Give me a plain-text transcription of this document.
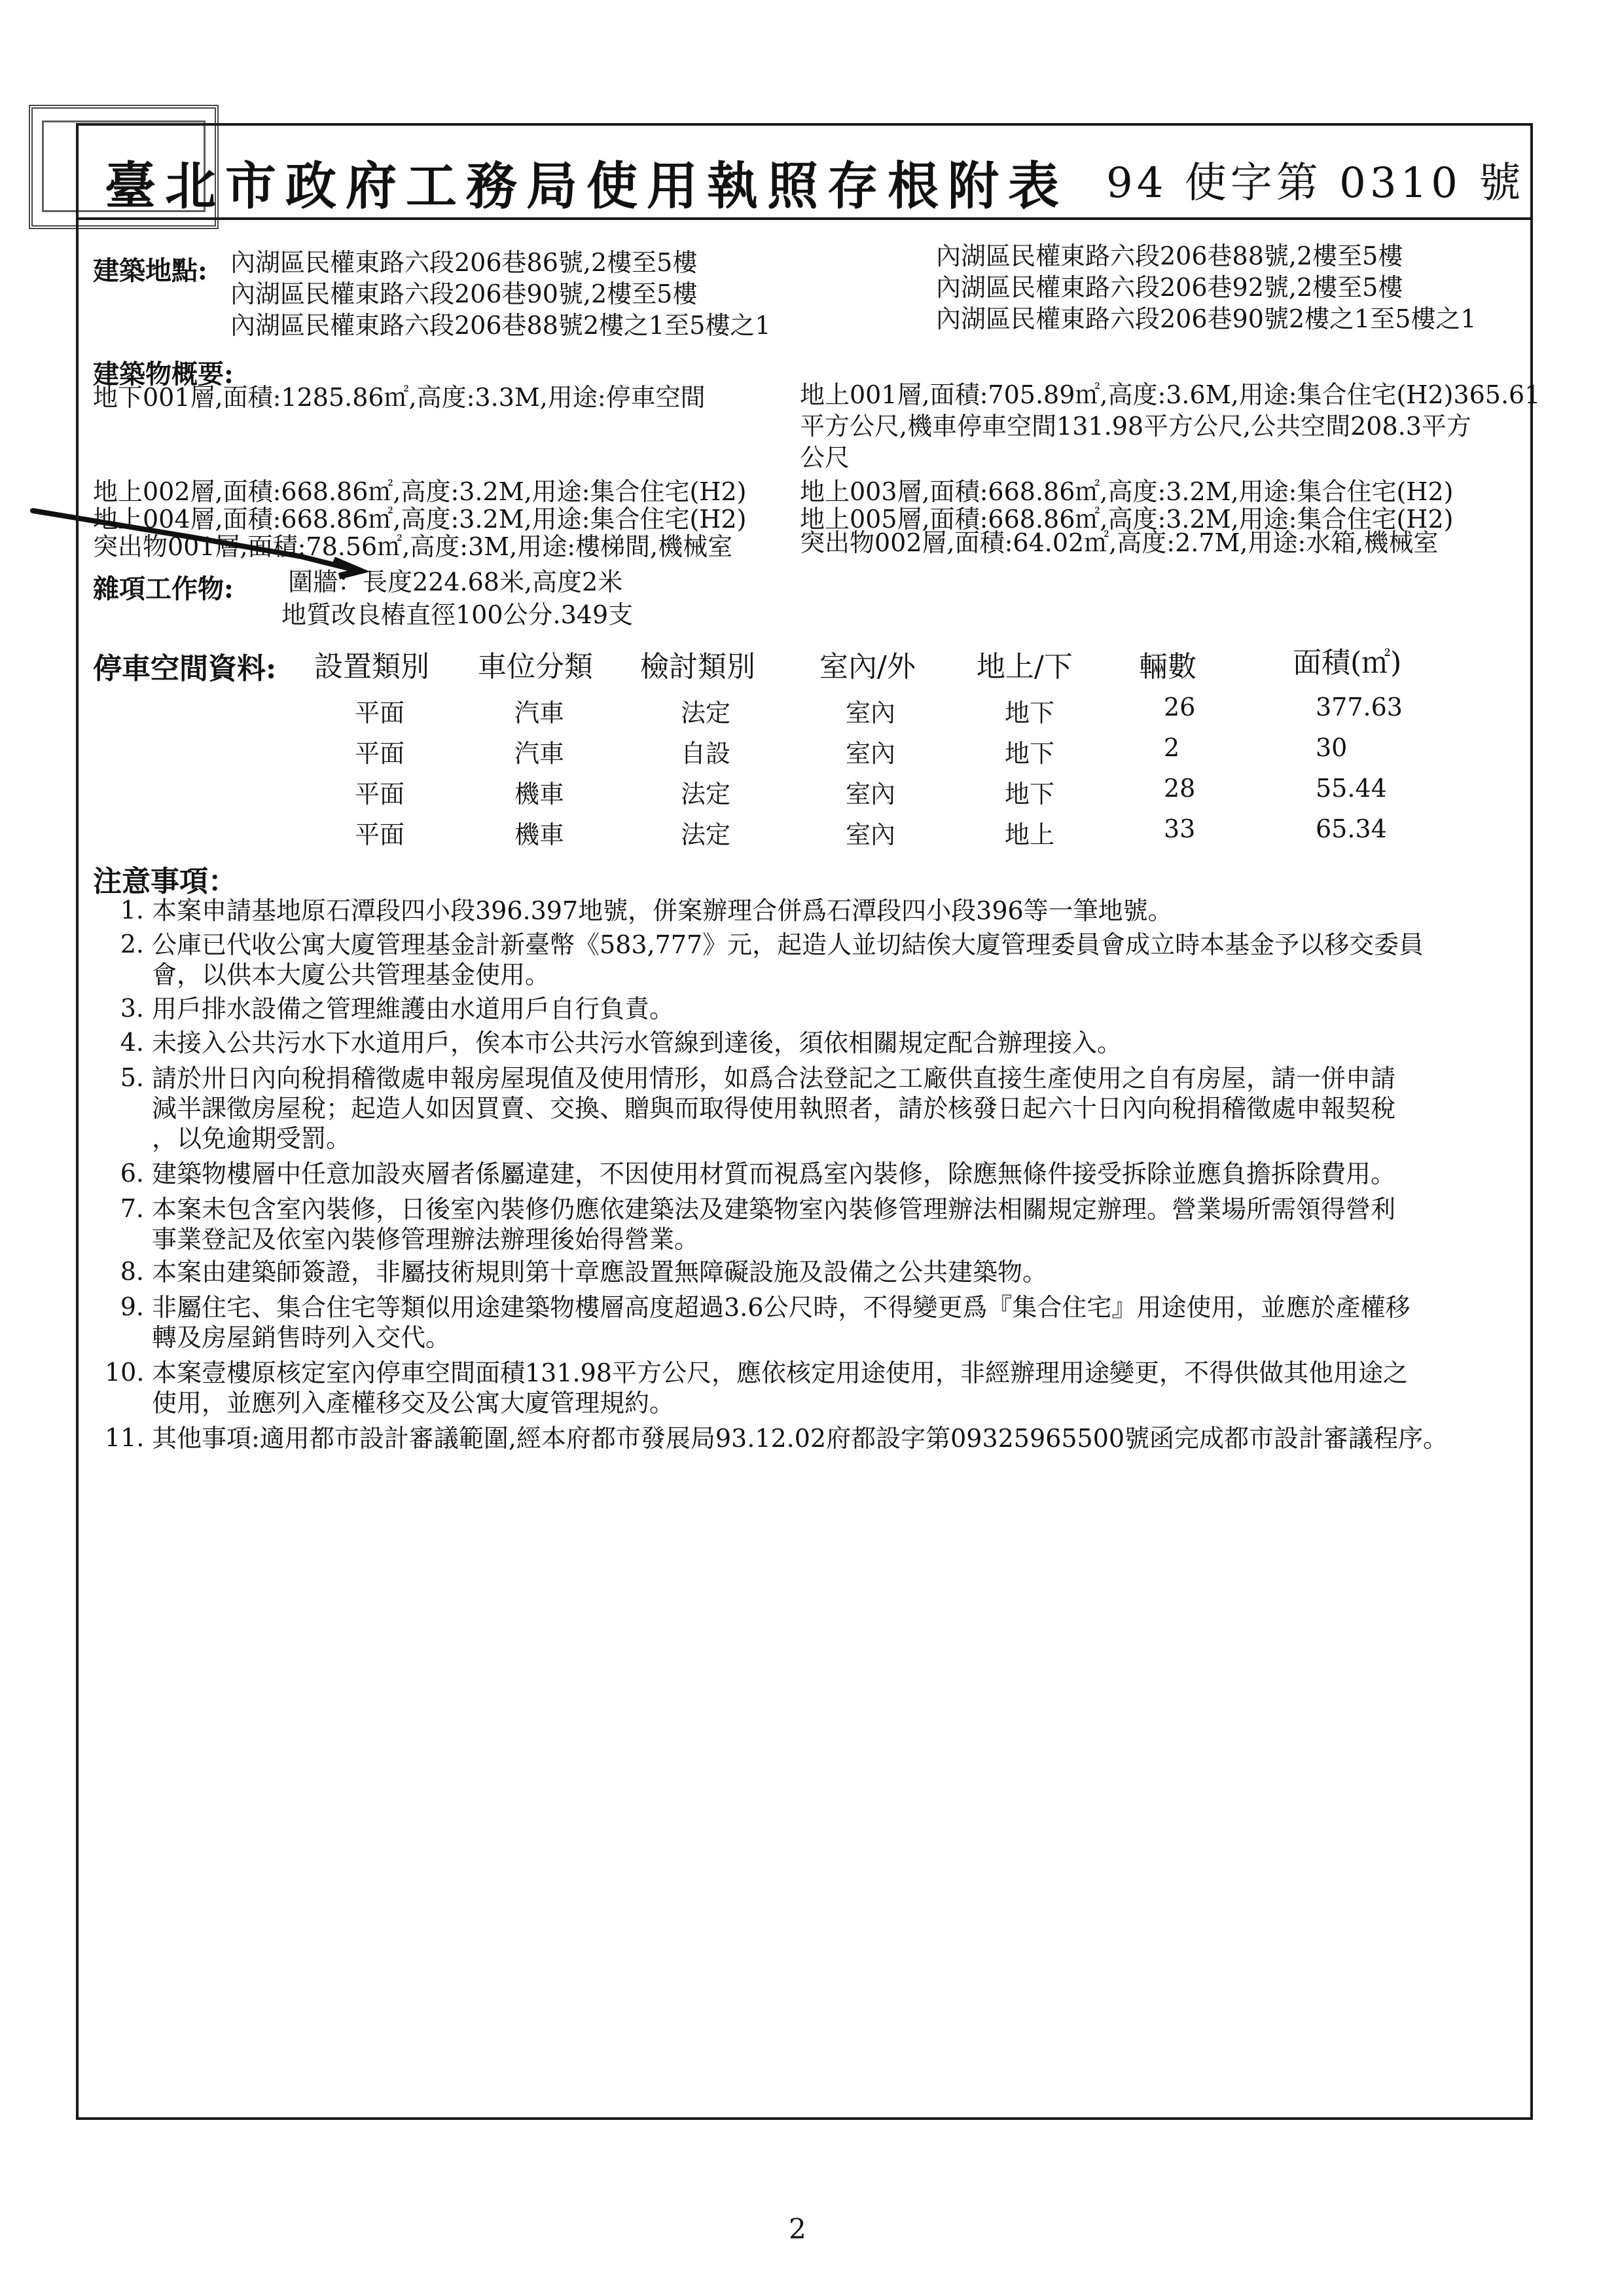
臺北市政府工務局使用執照存根附表 94 使字第 0310 號
建築地點: 內湖區民權東路六段206巷86號,2樓至5樓
內湖區民權東路六段206巷90號,2樓至5樓
內湖區民權東路六段206巷88號2樓之1至5樓之1
內湖區民權東路六段206巷88號,2樓至5樓
內湖區民權東路六段206巷92號,2樓至5樓
內湖區民權東路六段206巷90號2樓之1至5樓之1
建築物概要:
地下001層,面積:1285.86㎡,高度:3.3M,用途:停車空間	地上001層,面積:705.89㎡,高度:3.6M,用途:集合住宅(H2)365.61
平方公尺,機車停車空間131.98平方公尺,公共空間208.3平方
公尺
地上002層,面積:668.86㎡,高度:3.2M,用途:集合住宅(H2) 地上003層,面積:668.86㎡,高度:3.2M,用途:集合住宅(H2)
地上004層,面積:668.86㎡,高度:3.2M,用途:集合住宅(H2) 地上005層,面積:668.86㎡,高度:3.2M,用途:集合住宅(H2)
突出物001層,面積:78.56㎡,高度:3M,用途:樓梯間,機械室	突出物002層,面積:64.02㎡,高度:2.7M,用途:水箱,機械室
雜項工作物: 圍牆：長度224.68米,高度2米
地質改良樁直徑100公分.349支
停車空間資料: 設置類別 車位分類 檢討類別 室內/外 地上/下 輛數	面積(㎡)
平面	汽車	法定	室內	地下	26	377.63
平面	汽車	自設	室內	地下	2	30
平面	機車	法定	室內	地下	28	55.44
平面	機車	法定	室內	地上	33	65.34
注意事項：
1. 本案申請基地原石潭段四小段396.397地號，併案辦理合併爲石潭段四小段396等一筆地號。
2. 公庫已代收公寓大廈管理基金計新臺幣《583,777》元，起造人並切結俟大廈管理委員會成立時本基金予以移交委員
會，以供本大廈公共管理基金使用。
3. 用戶排水設備之管理維護由水道用戶自行負責。
4. 未接入公共污水下水道用戶，俟本市公共污水管線到達後，須依相關規定配合辦理接入。
5. 請於卅日內向稅捐稽徵處申報房屋現值及使用情形，如爲合法登記之工廠供直接生產使用之自有房屋，請一併申請
減半課徵房屋稅；起造人如因買賣、交換、贈與而取得使用執照者，請於核發日起六十日內向稅捐稽徵處申報契稅
，以免逾期受罰。
6. 建築物樓層中任意加設夾層者係屬違建，不因使用材質而視爲室內裝修，除應無條件接受拆除並應負擔拆除費用。
7. 本案未包含室內裝修，日後室內裝修仍應依建築法及建築物室內裝修管理辦法相關規定辦理。營業場所需領得營利
事業登記及依室內裝修管理辦法辦理後始得營業。
8. 本案由建築師簽證，非屬技術規則第十章應設置無障礙設施及設備之公共建築物。
9. 非屬住宅、集合住宅等類似用途建築物樓層高度超過3.6公尺時，不得變更爲『集合住宅』用途使用，並應於產權移
轉及房屋銷售時列入交代。
10. 本案壹樓原核定室內停車空間面積131.98平方公尺，應依核定用途使用，非經辦理用途變更，不得供做其他用途之
使用，並應列入產權移交及公寓大廈管理規約。
11. 其他事項:適用都市設計審議範圍,經本府都市發展局93.12.02府都設字第09325965500號函完成都市設計審議程序。
2
